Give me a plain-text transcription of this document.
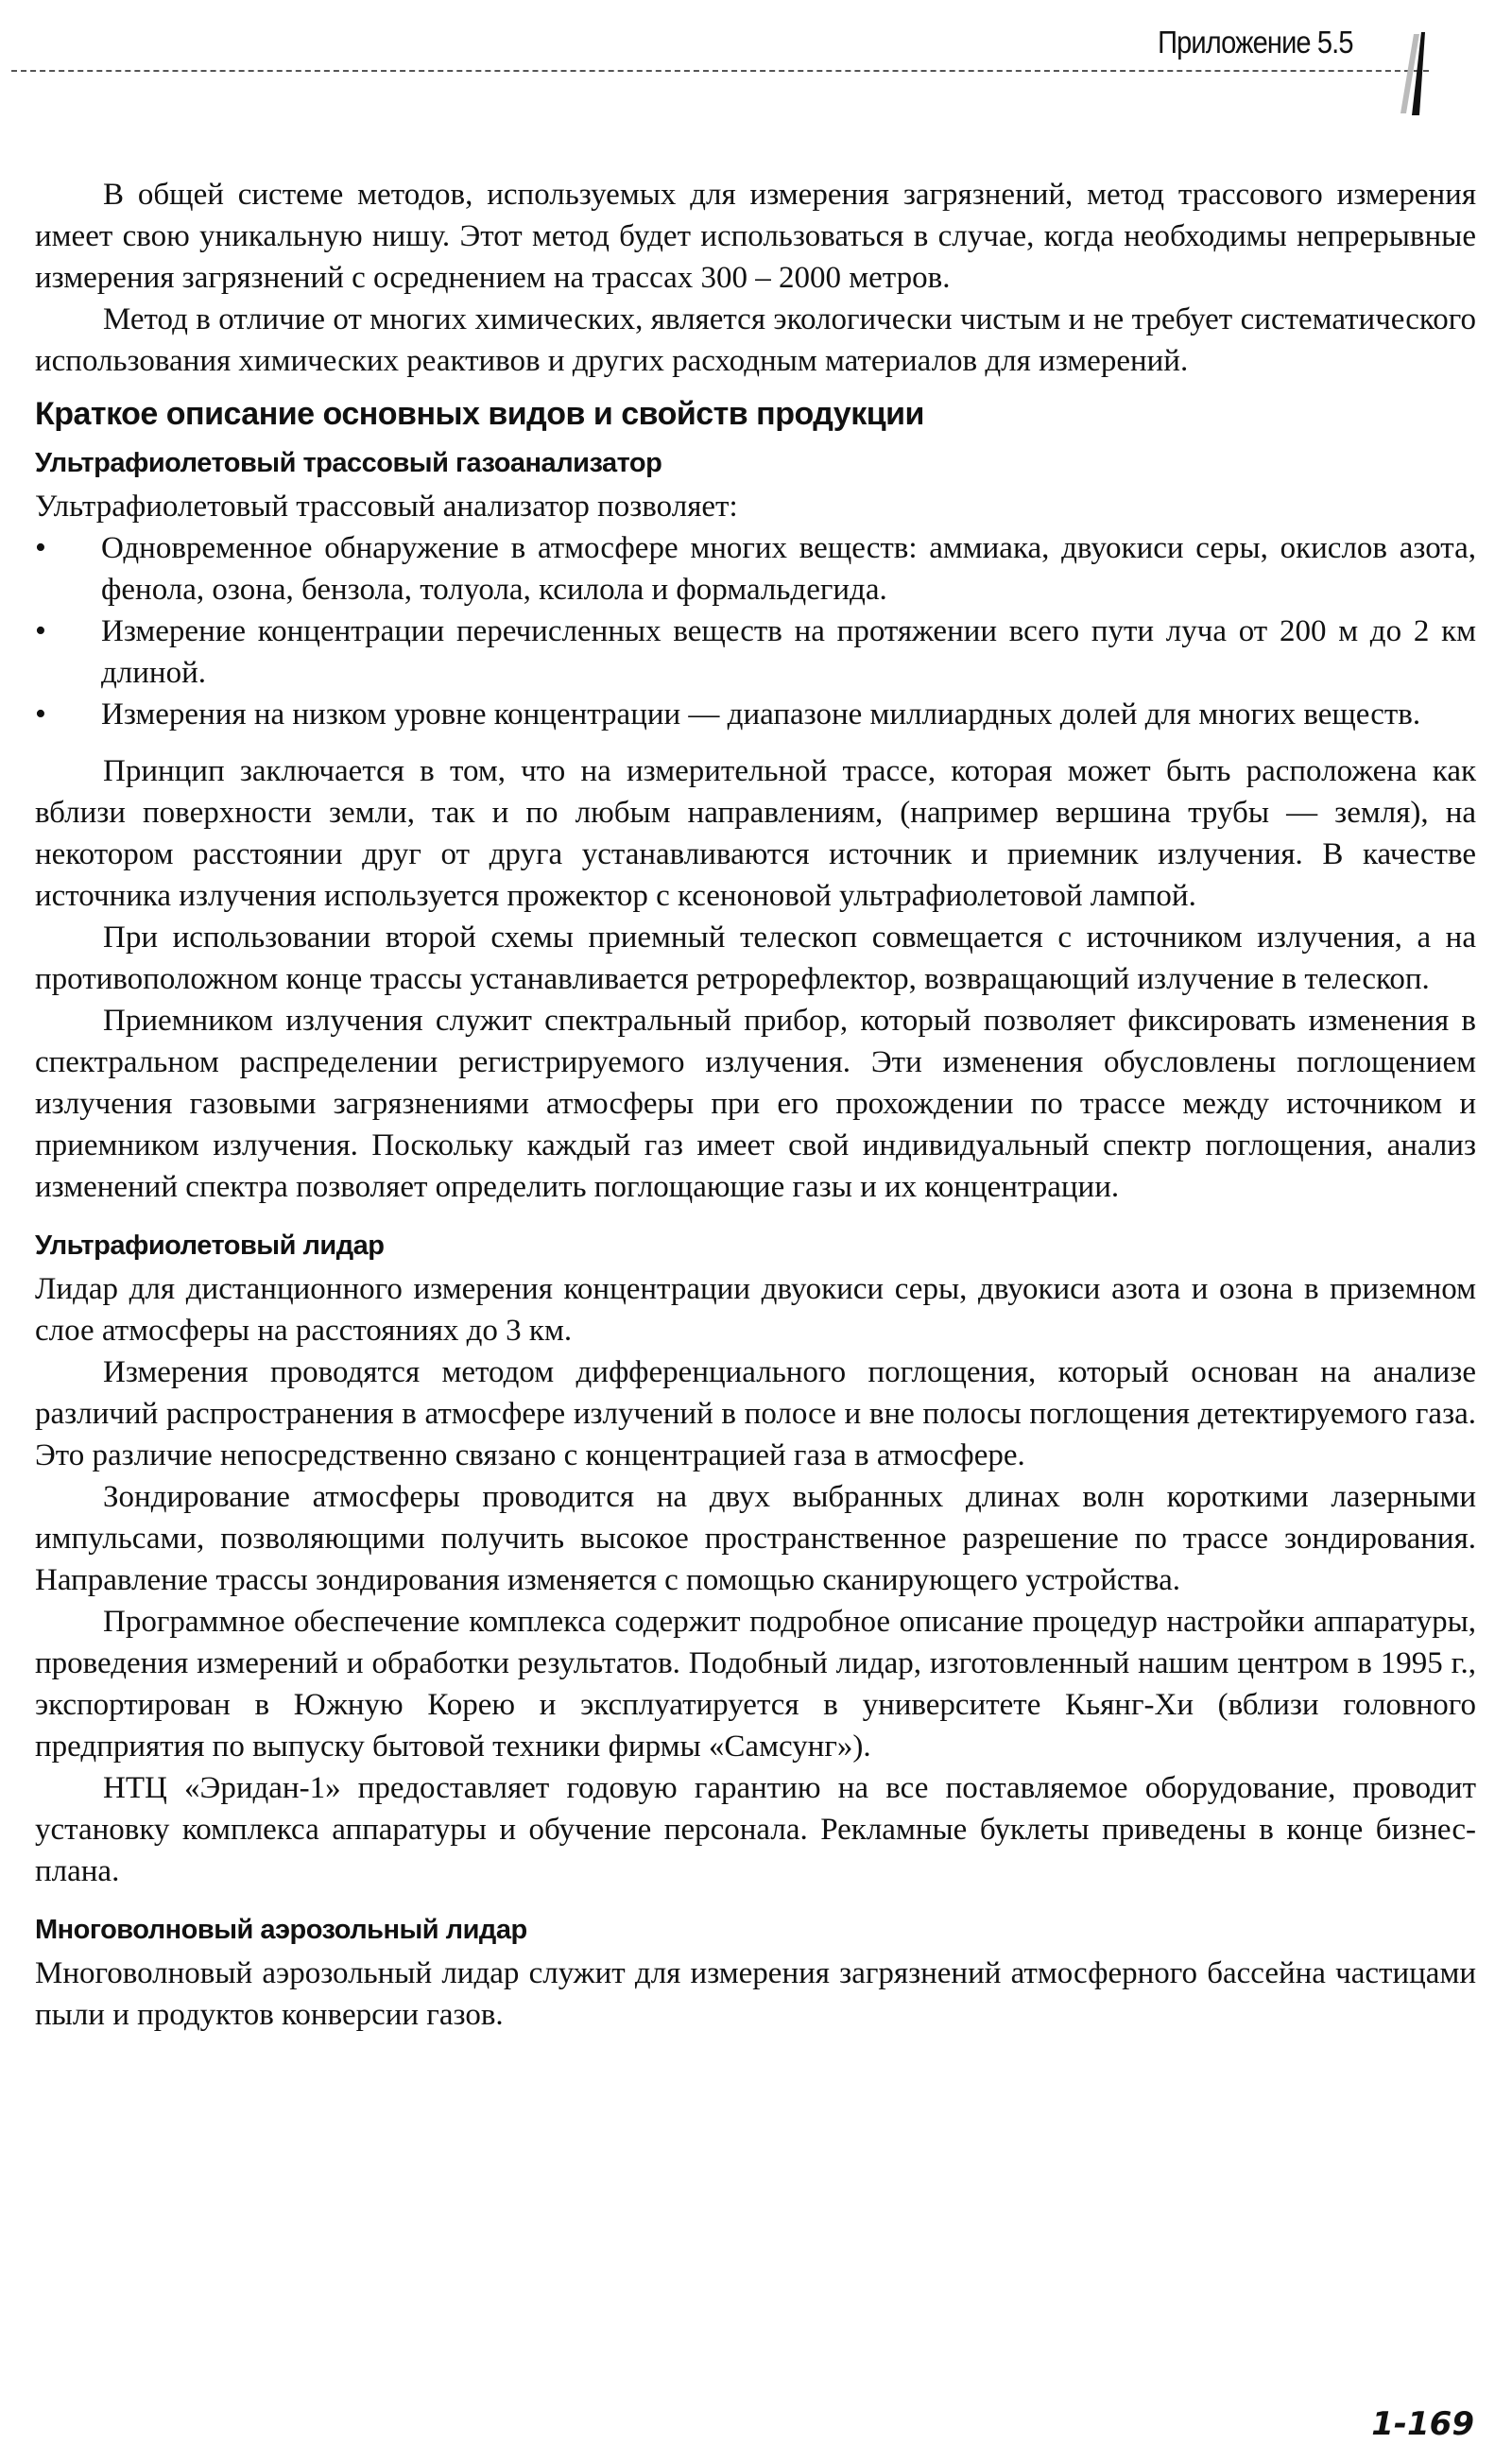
Приложение 5.5

В общей системе методов, используемых для измерения загрязнений, метод трассового измерения имеет свою уникальную нишу. Этот метод будет использоваться в случае, когда необходимы непрерывные измерения загрязнений с осреднением на трассах 300 – 2000 метров.

Метод в отличие от многих химических, является экологически чистым и не требует систематического использования химических реактивов и других расходным материалов для измерений.

Краткое описание основных видов и свойств продукции
Ультрафиолетовый трассовый газоанализатор

Ультрафиолетовый трассовый анализатор позволяет:

• Одновременное обнаружение в атмосфере многих веществ: аммиака, двуокиси серы, окислов азота, фенола, озона, бензола, толуола, ксилола и формальдегида.
• Измерение концентрации перечисленных веществ на протяжении всего пути луча от 200 м до 2 км длиной.
• Измерения на низком уровне концентрации — диапазоне миллиардных долей для многих веществ.

Принцип заключается в том, что на измерительной трассе, которая может быть расположена как вблизи поверхности земли, так и по любым направлениям, (например вершина трубы — земля), на некотором расстоянии друг от друга устанавливаются источник и приемник излучения. В качестве источника излучения используется прожектор с ксеноновой ультрафиолетовой лампой.

При использовании второй схемы приемный телескоп совмещается с источником излучения, а на противоположном конце трассы устанавливается ретрорефлектор, возвращающий излучение в телескоп.

Приемником излучения служит спектральный прибор, который позволяет фиксировать изменения в спектральном распределении регистрируемого излучения. Эти изменения обусловлены поглощением излучения газовыми загрязнениями атмосферы при его прохождении по трассе между источником и приемником излучения. Поскольку каждый газ имеет свой индивидуальный спектр поглощения, анализ изменений спектра позволяет определить поглощающие газы и их концентрации.

Ультрафиолетовый лидар

Лидар для дистанционного измерения концентрации двуокиси серы, двуокиси азота и озона в приземном слое атмосферы на расстояниях до 3 км.

Измерения проводятся методом дифференциального поглощения, который основан на анализе различий распространения в атмосфере излучений в полосе и вне полосы поглощения детектируемого газа. Это различие непосредственно связано с концентрацией газа в атмосфере.

Зондирование атмосферы проводится на двух выбранных длинах волн короткими лазерными импульсами, позволяющими получить высокое пространственное разрешение по трассе зондирования. Направление трассы зондирования изменяется с помощью сканирующего устройства.

Программное обеспечение комплекса содержит подробное описание процедур настройки аппаратуры, проведения измерений и обработки результатов. Подобный лидар, изготовленный нашим центром в 1995 г., экспортирован в Южную Корею и эксплуатируется в университете Кьянг-Хи (вблизи головного предприятия по выпуску бытовой техники фирмы «Самсунг»).

НТЦ «Эридан-1» предоставляет годовую гарантию на все поставляемое оборудование, проводит установку комплекса аппаратуры и обучение персонала. Рекламные буклеты приведены в конце бизнес-плана.

Многоволновый аэрозольный лидар

Многоволновый аэрозольный лидар служит для измерения загрязнений атмосферного бассейна частицами пыли и продуктов конверсии газов.

1-169
